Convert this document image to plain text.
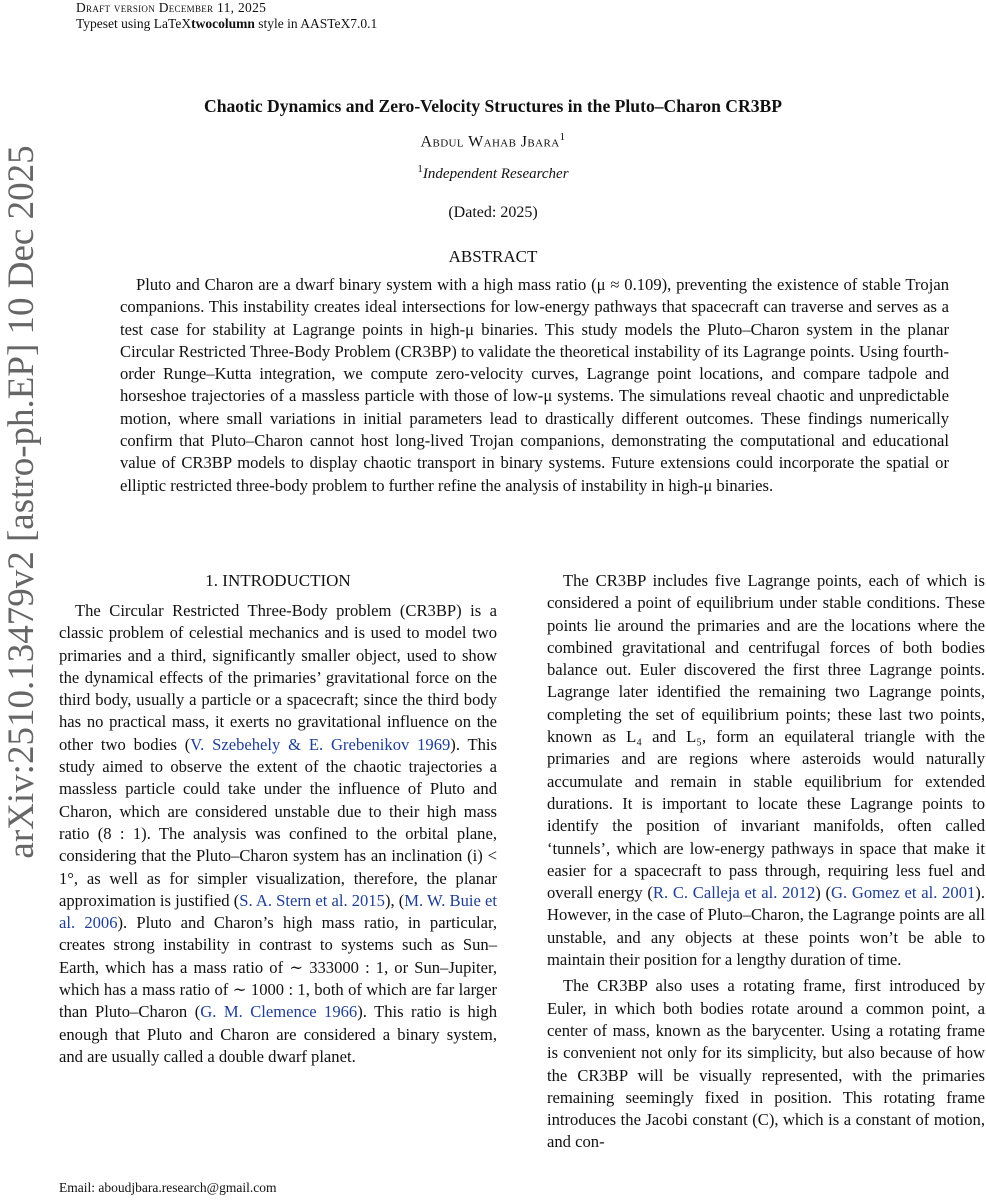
Draft version December 11, 2025
Typeset using LaTeXtwocolumn style in AASTeX7.0.1
arXiv:2510.13479v2 [astro-ph.EP] 10 Dec 2025
Chaotic Dynamics and Zero-Velocity Structures in the Pluto–Charon CR3BP
Abdul Wahab Jbara$^1$
$^1$Independent Researcher
(Dated: 2025)
ABSTRACT
Pluto and Charon are a dwarf binary system with a high mass ratio (μ ≈ 0.109), preventing the existence of stable Trojan companions. This instability creates ideal intersections for low-energy pathways that spacecraft can traverse and serves as a test case for stability at Lagrange points in high-μ binaries. This study models the Pluto–Charon system in the planar Circular Restricted Three-Body Problem (CR3BP) to validate the theoretical instability of its Lagrange points. Using fourth-order Runge–Kutta integration, we compute zero-velocity curves, Lagrange point locations, and compare tadpole and horseshoe trajectories of a massless particle with those of low-μ systems. The simulations reveal chaotic and unpredictable motion, where small variations in initial parameters lead to drastically different outcomes. These findings numerically confirm that Pluto–Charon cannot host long-lived Trojan companions, demonstrating the computational and educational value of CR3BP models to display chaotic transport in binary systems. Future extensions could incorporate the spatial or elliptic restricted three-body problem to further refine the analysis of instability in high-μ binaries.
1. INTRODUCTION

The Circular Restricted Three-Body problem (CR3BP) is a classic problem of celestial mechanics and is used to model two primaries and a third, significantly smaller object, used to show the dynamical effects of the primaries’ gravitational force on the third body, usually a particle or a spacecraft; since the third body has no practical mass, it exerts no gravitational influence on the other two bodies (V. Szebehely & E. Grebenikov 1969). This study aimed to observe the extent of the chaotic trajectories a massless particle could take under the influence of Pluto and Charon, which are considered unstable due to their high mass ratio (8 : 1). The analysis was confined to the orbital plane, considering that the Pluto–Charon system has an inclination (i) < 1°, as well as for simpler visualization, therefore, the planar approximation is justified (S. A. Stern et al. 2015), (M. W. Buie et al. 2006). Pluto and Charon’s high mass ratio, in particular, creates strong instability in contrast to systems such as Sun–Earth, which has a mass ratio of ∼ 333000 : 1, or Sun–Jupiter, which has a mass ratio of ∼ 1000 : 1, both of which are far larger than Pluto–Charon (G. M. Clemence 1966). This ratio is high enough that Pluto and Charon are considered a binary system, and are usually called a double dwarf planet.

The CR3BP includes five Lagrange points, each of which is considered a point of equilibrium under stable conditions. These points lie around the primaries and are the locations where the combined gravitational and centrifugal forces of both bodies balance out. Euler discovered the first three Lagrange points. Lagrange later identified the remaining two Lagrange points, completing the set of equilibrium points; these last two points, known as L₄ and L₅, form an equilateral triangle with the primaries and are regions where asteroids would naturally accumulate and remain in stable equilibrium for extended durations. It is important to locate these Lagrange points to identify the position of invariant manifolds, often called ‘tunnels’, which are low-energy pathways in space that make it easier for a spacecraft to pass through, requiring less fuel and overall energy (R. C. Calleja et al. 2012) (G. Gomez et al. 2001). However, in the case of Pluto–Charon, the Lagrange points are all unstable, and any objects at these points won’t be able to maintain their position for a lengthy duration of time.

The CR3BP also uses a rotating frame, first introduced by Euler, in which both bodies rotate around a common point, a center of mass, known as the barycenter. Using a rotating frame is convenient not only for its simplicity, but also because of how the CR3BP will be visually represented, with the primaries remaining seemingly fixed in position. This rotating frame introduces the Jacobi constant (C), which is a constant of motion, and con-

Email: aboudjbara.research@gmail.com
